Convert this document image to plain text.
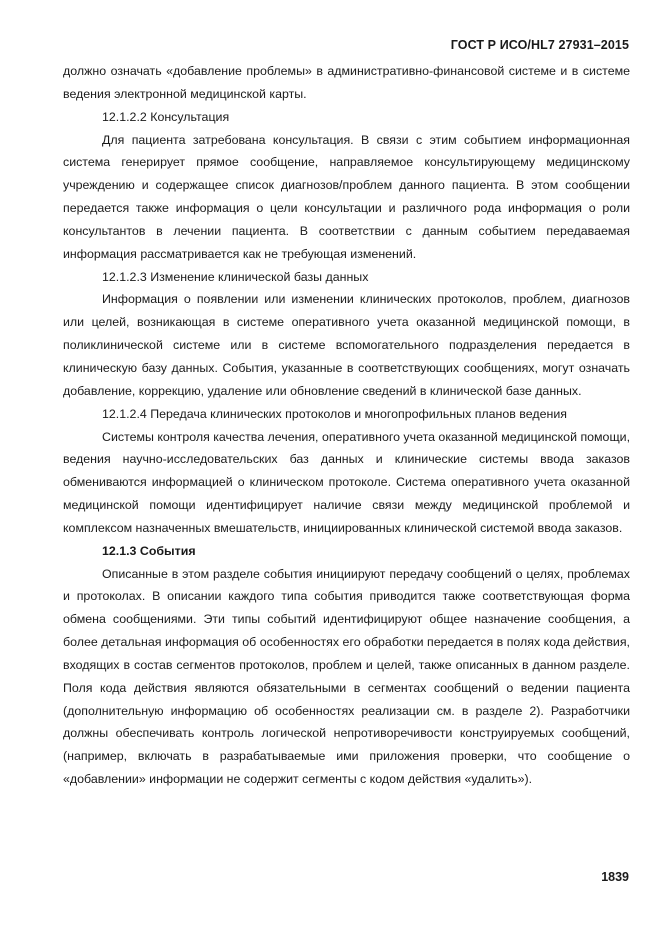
ГОСТ Р ИСО/HL7 27931–2015

должно означать «добавление проблемы» в административно-финансовой системе и в системе ведения электронной медицинской карты.

12.1.2.2 Консультация

Для пациента затребована консультация. В связи с этим событием информационная система генерирует прямое сообщение, направляемое консультирующему медицинскому учреждению и содержащее список диагнозов/проблем данного пациента. В этом сообщении передается также информация о цели консультации и различного рода информация о роли консультантов в лечении пациента. В соответствии с данным событием передаваемая информация рассматривается как не требующая изменений.

12.1.2.3 Изменение клинической базы данных

Информация о появлении или изменении клинических протоколов, проблем, диагнозов или целей, возникающая в системе оперативного учета оказанной медицинской помощи, в поликлинической системе или в системе вспомогательного подразделения передается в клиническую базу данных. События, указанные в соответствующих сообщениях, могут означать добавление, коррекцию, удаление или обновление сведений в клинической базе данных.

12.1.2.4 Передача клинических протоколов и многопрофильных планов ведения

Системы контроля качества лечения, оперативного учета оказанной медицинской помощи, ведения научно-исследовательских баз данных и клинические системы ввода заказов обмениваются информацией о клиническом протоколе. Система оперативного учета оказанной медицинской помощи идентифицирует наличие связи между медицинской проблемой и комплексом назначенных вмешательств, инициированных клинической системой ввода заказов.

12.1.3 События

Описанные в этом разделе события инициируют передачу сообщений о целях, проблемах и протоколах. В описании каждого типа события приводится также соответствующая форма обмена сообщениями. Эти типы событий идентифицируют общее назначение сообщения, а более детальная информация об особенностях его обработки передается в полях кода действия, входящих в состав сегментов протоколов, проблем и целей, также описанных в данном разделе. Поля кода действия являются обязательными в сегментах сообщений о ведении пациента (дополнительную информацию об особенностях реализации см. в разделе 2). Разработчики должны обеспечивать контроль логической непротиворечивости конструируемых сообщений, (например, включать в разрабатываемые ими приложения проверки, что сообщение о «добавлении» информации не содержит сегменты с кодом действия «удалить»).

1839
